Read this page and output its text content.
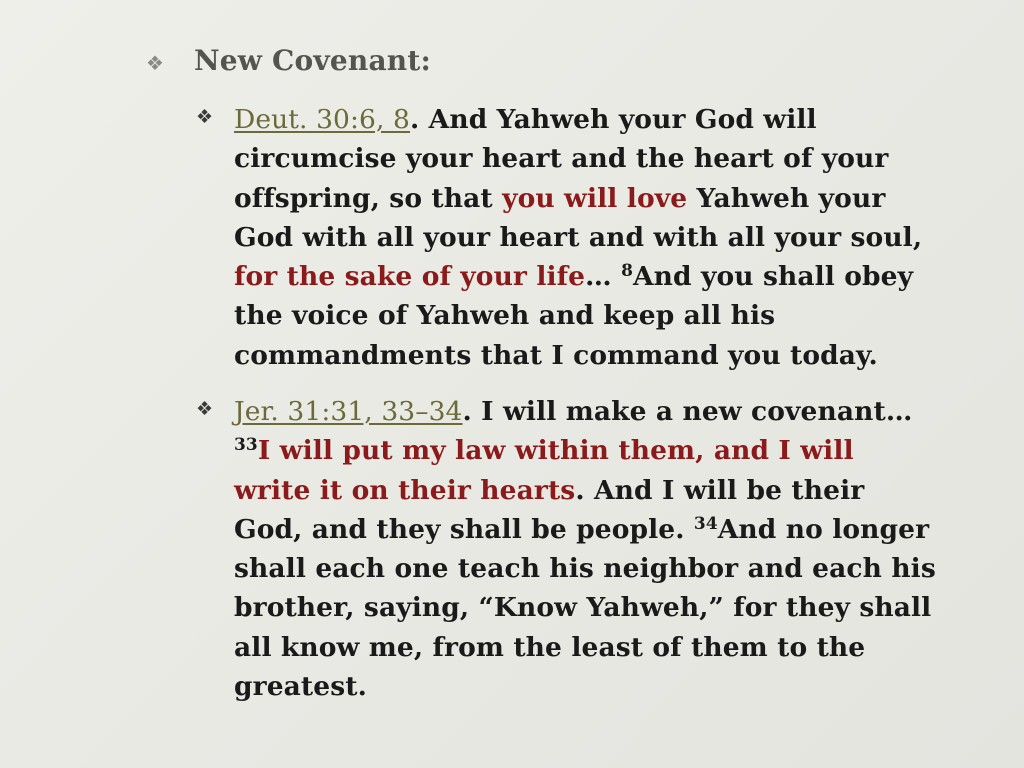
❖	New Covenant:
❖ Deut. 30:6, 8. And Yahweh your God will circumcise your heart and the heart of your offspring, so that you will love Yahweh your God with all your heart and with all your soul, for the sake of your life… $^8$And you shall obey the voice of Yahweh and keep all his commandments that I command you today.
❖ Jer. 31:31, 33–34. I will make a new covenant… $^{33}$I will put my law within them, and I will write it on their hearts. And I will be their God, and they shall be people. $^{34}$And no longer shall each one teach his neighbor and each his brother, saying, “Know Yahweh,” for they shall all know me, from the least of them to the greatest.
